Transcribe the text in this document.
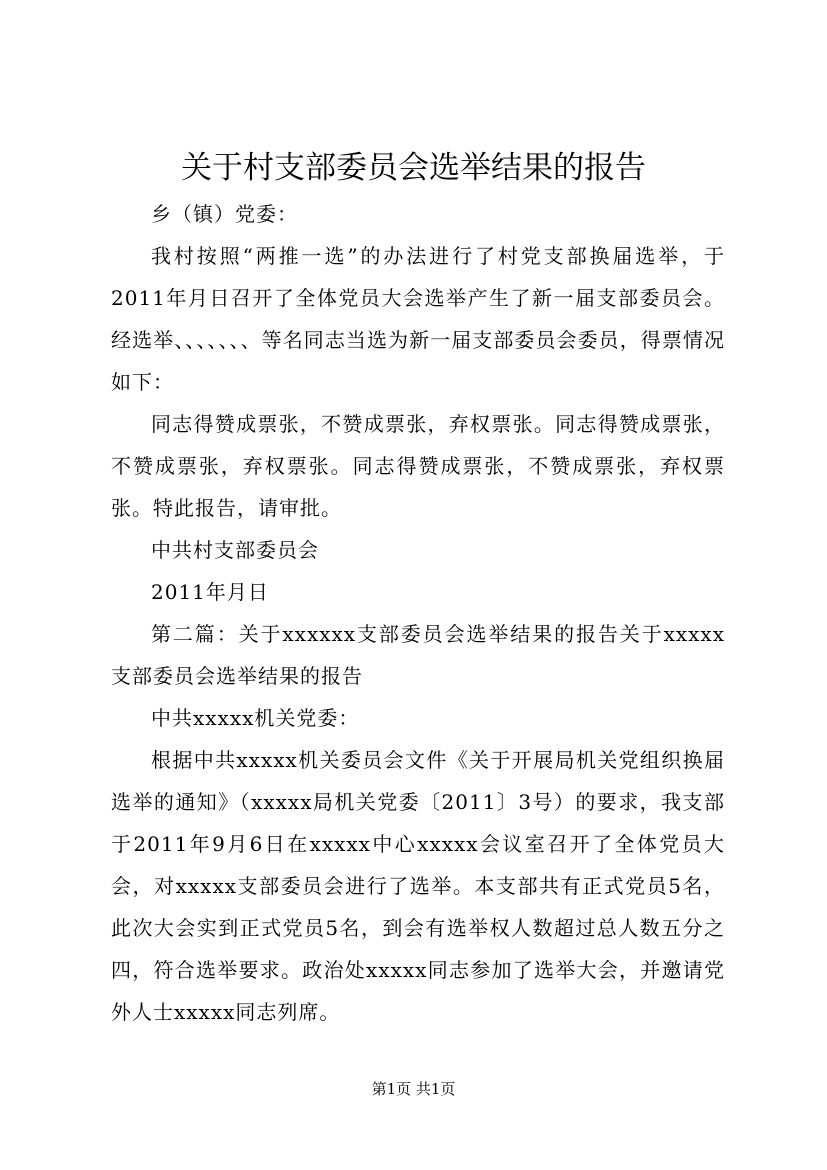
关于村支部委员会选举结果的报告

乡（镇）党委：

我村按照“两推一选”的办法进行了村党支部换届选举，于2011年月日召开了全体党员大会选举产生了新一届支部委员会。经选举、、、、、、、等名同志当选为新一届支部委员会委员，得票情况如下：

同志得赞成票张，不赞成票张，弃权票张。同志得赞成票张，不赞成票张，弃权票张。同志得赞成票张，不赞成票张，弃权票张。特此报告，请审批。

中共村支部委员会

2011年月日

第二篇：关于xxxxxx支部委员会选举结果的报告关于xxxxx支部委员会选举结果的报告

中共xxxxx机关党委：

根据中共xxxxx机关委员会文件《关于开展局机关党组织换届选举的通知》（xxxxx局机关党委〔2011〕3号）的要求，我支部于2011年9月6日在xxxxx中心xxxxx会议室召开了全体党员大会，对xxxxx支部委员会进行了选举。本支部共有正式党员5名，此次大会实到正式党员5名，到会有选举权人数超过总人数五分之四，符合选举要求。政治处xxxxx同志参加了选举大会，并邀请党外人士xxxxx同志列席。

第1页 共1页
